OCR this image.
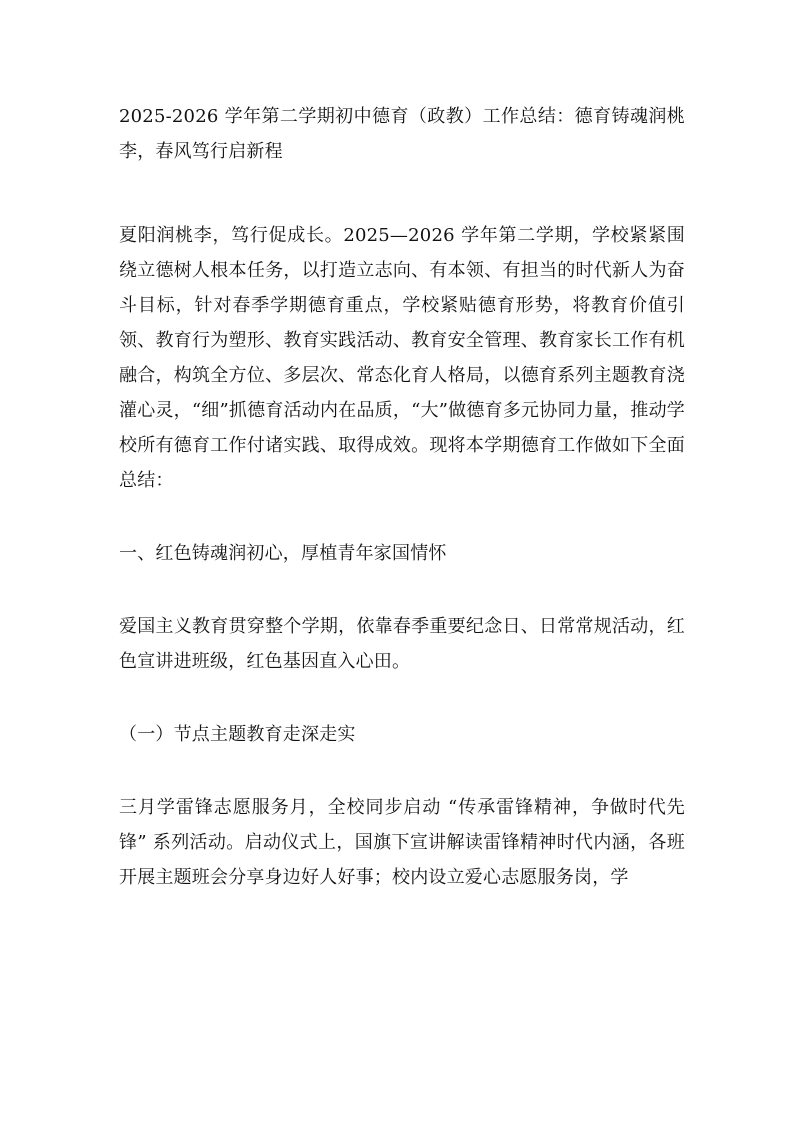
2025-2026 学年第二学期初中德育（政教）工作总结：德育铸魂润桃李，春风笃行启新程

夏阳润桃李，笃行促成长。2025—2026 学年第二学期，学校紧紧围绕立德树人根本任务，以打造立志向、有本领、有担当的时代新人为奋斗目标，针对春季学期德育重点，学校紧贴德育形势，将教育价值引领、教育行为塑形、教育实践活动、教育安全管理、教育家长工作有机融合，构筑全方位、多层次、常态化育人格局，以德育系列主题教育浇灌心灵，“细”抓德育活动内在品质，“大”做德育多元协同力量，推动学校所有德育工作付诸实践、取得成效。现将本学期德育工作做如下全面总结：

一、红色铸魂润初心，厚植青年家国情怀

爱国主义教育贯穿整个学期，依靠春季重要纪念日、日常常规活动，红色宣讲进班级，红色基因直入心田。

（一）节点主题教育走深走实

三月学雷锋志愿服务月，全校同步启动 “传承雷锋精神，争做时代先锋” 系列活动。启动仪式上，国旗下宣讲解读雷锋精神时代内涵，各班开展主题班会分享身边好人好事；校内设立爱心志愿服务岗，学
